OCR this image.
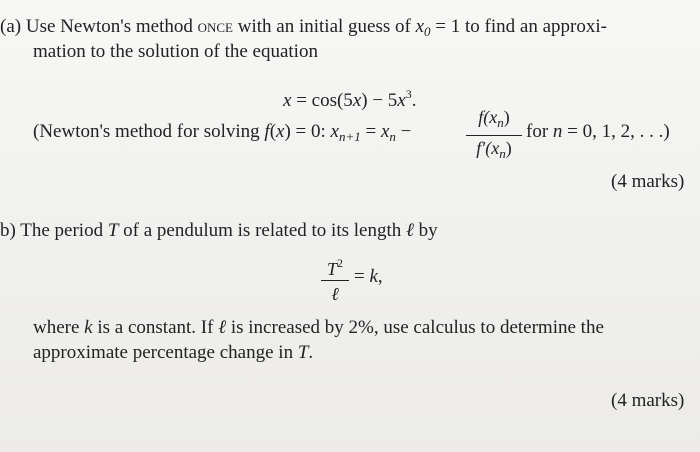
(a) Use Newton's method once with an initial guess of $x_0 = 1$ to find an approxi-
mation to the solution of the equation
$x = \cos(5x) - 5x^3$.
(Newton's method for solving f(x) = 0: $x_{n+1} = x_n$ −	$\frac{f(x_n)}{f'(x_n)}$ for n = 0, 1, 2, . . .)
(4 marks)
b) The period T of a pendulum is related to its length ℓ by
$T^2$
ℓ
= k,
where k is a constant. If ℓ is increased by 2%, use calculus to determine the
approximate percentage change in T.
(4 marks)
